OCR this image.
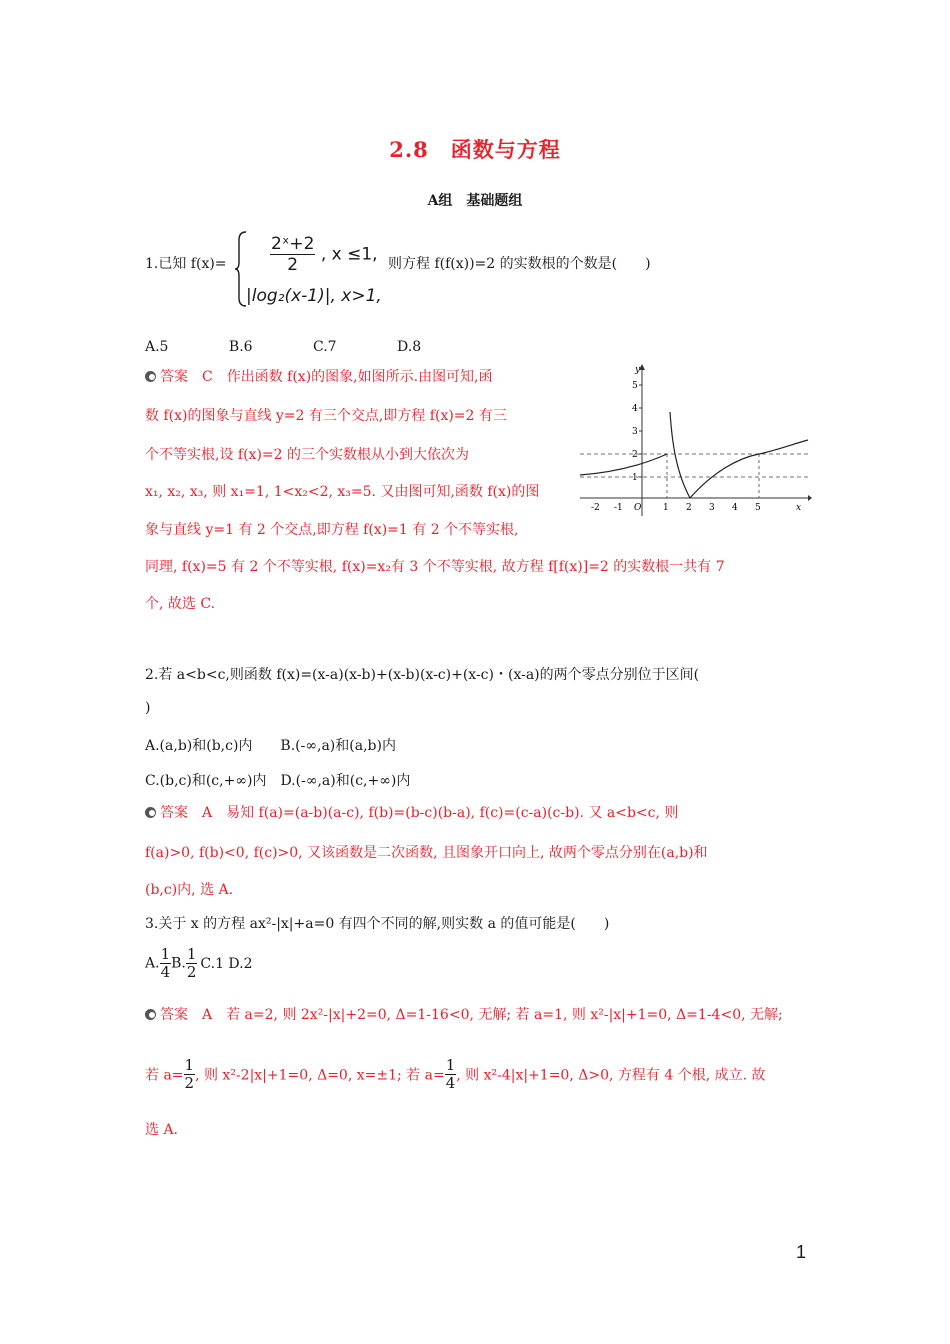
2.8　函数与方程
A组　基础题组
1.已知 f(x)=	$\frac{\text{2ˣ+2}}{2}$ , x ≤1,
|log₂(x-1)|, x>1,
则方程 f(f(x))=2 的实数根的个数是(　　)
A.5　　　　 B.6　　　　 C.7　　　　 D.8
答案　C　作出函数 f(x)的图象,如图所示.由图可知,函
数 f(x)的图象与直线 y=2 有三个交点,即方程 f(x)=2 有三
个不等实根,设 f(x)=2 的三个实数根从小到大依次为
x₁, x₂, x₃, 则 x₁=1, 1<x₂<2, x₃=5. 又由图可知,函数 f(x)的图
象与直线 y=1 有 2 个交点,即方程 f(x)=1 有 2 个不等实根,
同理, f(x)=5 有 2 个不等实根, f(x)=x₂有 3 个不等实根, 故方程 f[f(x)]=2 的实数根一共有 7
个, 故选 C.
x
y
O
1
2
3
4
5
-2 -1	1 2 3 4 5
2.若 a<b<c,则函数 f(x)=(x-a)(x-b)+(x-b)(x-c)+(x-c)・(x-a)的两个零点分别位于区间(
)
A.(a,b)和(b,c)内　　B.(-∞,a)和(a,b)内
C.(b,c)和(c,+∞)内　D.(-∞,a)和(c,+∞)内
答案　A　易知 f(a)=(a-b)(a-c), f(b)=(b-c)(b-a), f(c)=(c-a)(c-b). 又 a<b<c, 则
f(a)>0, f(b)<0, f(c)>0, 又该函数是二次函数, 且图象开口向上, 故两个零点分别在(a,b)和
(b,c)内, 选 A.
3.关于 x 的方程 ax²-|x|+a=0 有四个不同的解,则实数 a 的值可能是(　　)
A. $\frac{1}{4} B$. $\frac{1}{2} C.1$ D.2
答案　A　若 a=2, 则 2x²-|x|+2=0, Δ=1-16<0, 无解; 若 a=1, 则 x²-|x|+1=0, Δ=1-4<0, 无解;
若 $a= \frac{1}{2}$ , 则 x²-2|x|+1=0, Δ=0, x=±1; 若 $a= \frac{1}{4}$ , 则 x²-4|x|+1=0, Δ>0, 方程有 4 个根, 成立. 故
选 A.
1
